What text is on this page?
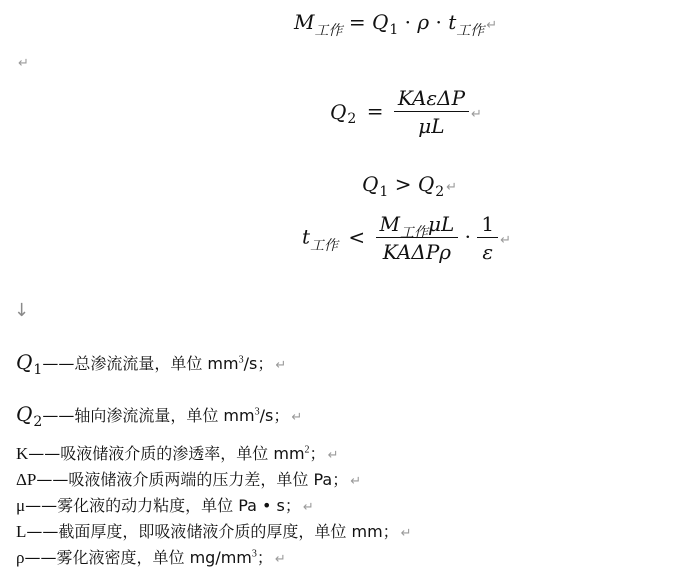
$M_{工作} = Q_1 \cdot \rho \cdot t_{工作}$ ↵
↵
$Q_2 = \frac{\text{KAεΔP}}{\mu L}$ ↵
$Q_1 > Q_2$ ↵
$t_{工作} < \frac{M_{工作}\mu L}{\text{KAΔPρ}} \cdot \frac{1}{\varepsilon}$ ↵
↓
$Q_1——$总渗流流量，单位 $mm^3/s$； ↵
$Q_2——$轴向渗流流量，单位 $mm^3/s$； ↵
K——吸液储液介质的渗透率，单位 $mm^2$； ↵
ΔP——吸液储液介质两端的压力差，单位 Pa； ↵
μ——雾化液的动力粘度，单位 Pa • s； ↵
L——截面厚度，即吸液储液介质的厚度，单位 mm； ↵
ρ——雾化液密度，单位 $mg/mm^3$； ↵
